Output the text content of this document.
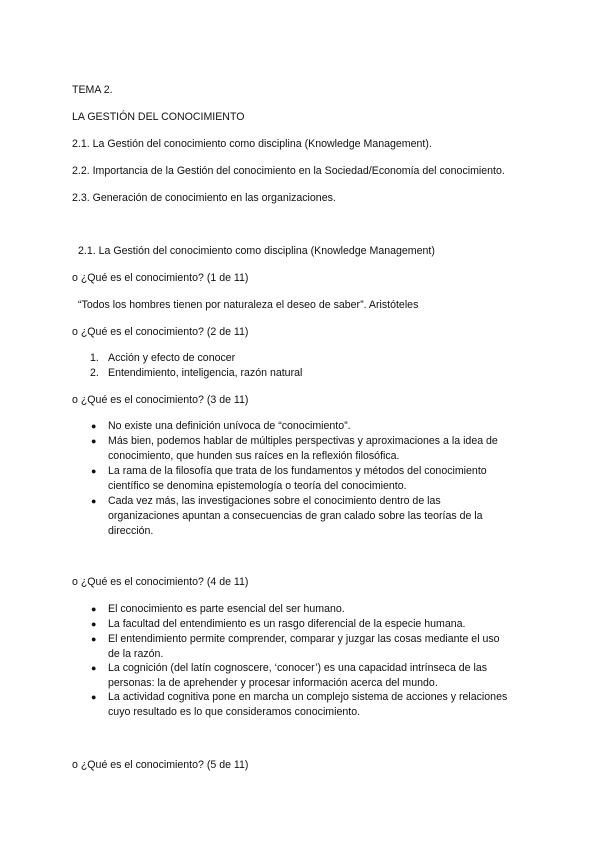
TEMA 2.
LA GESTIÓN DEL CONOCIMIENTO
2.1. La Gestión del conocimiento como disciplina (Knowledge Management).
2.2. Importancia de la Gestión del conocimiento en la Sociedad/Economía del conocimiento.
2.3. Generación de conocimiento en las organizaciones.
2.1. La Gestión del conocimiento como disciplina (Knowledge Management)
o ¿Qué es el conocimiento? (1 de 11)
“Todos los hombres tienen por naturaleza el deseo de saber”. Aristóteles
o ¿Qué es el conocimiento? (2 de 11)
1. Acción y efecto de conocer
2. Entendimiento, inteligencia, razón natural
o ¿Qué es el conocimiento? (3 de 11)
● No existe una definición unívoca de “conocimiento”.
● Más bien, podemos hablar de múltiples perspectivas y aproximaciones a la idea de conocimiento, que hunden sus raíces en la reflexión filosófica.
● La rama de la filosofía que trata de los fundamentos y métodos del conocimiento científico se denomina epistemología o teoría del conocimiento.
● Cada vez más, las investigaciones sobre el conocimiento dentro de las organizaciones apuntan a consecuencias de gran calado sobre las teorías de la dirección.
o ¿Qué es el conocimiento? (4 de 11)
● El conocimiento es parte esencial del ser humano.
● La facultad del entendimiento es un rasgo diferencial de la especie humana.
● El entendimiento permite comprender, comparar y juzgar las cosas mediante el uso de la razón.
● La cognición (del latín cognoscere, ‘conocer’) es una capacidad intrínseca de las personas: la de aprehender y procesar información acerca del mundo.
● La actividad cognitiva pone en marcha un complejo sistema de acciones y relaciones cuyo resultado es lo que consideramos conocimiento.
o ¿Qué es el conocimiento? (5 de 11)
